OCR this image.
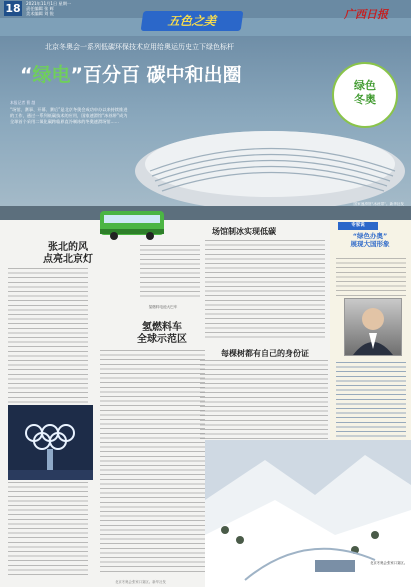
18	2021年11月1日 星期一
责任编辑 张 辉
美术编辑 刘 锐
五色之美	广西日报
北京冬奥会一系列低碳环保技术应用给奥运历史立下绿色标杆
“绿电”百分百 碳中和出圈
本报记者 曹 越
“场馆、赛事、开幕、赛后”是北京冬奥会成功申办以来持续推进的工作，通过一系列低碳技术的应用，国家速滑馆“冰丝带”成为全球首个采用二氧化碳跨临界直冷制冰的冬奥速滑场馆……
绿色
冬奥
国家速滑馆“冰丝带”。新华社发
氢燃料电池大巴车
张北的风
点亮北京灯
氢燃料车
全球示范区
场馆制冰实现低碳
每棵树都有自己的身份证
专家说
“绿色办奥”
展现大国形象
北京冬奥会张家口赛区。
北京冬奥会张家口赛区。新华社发
